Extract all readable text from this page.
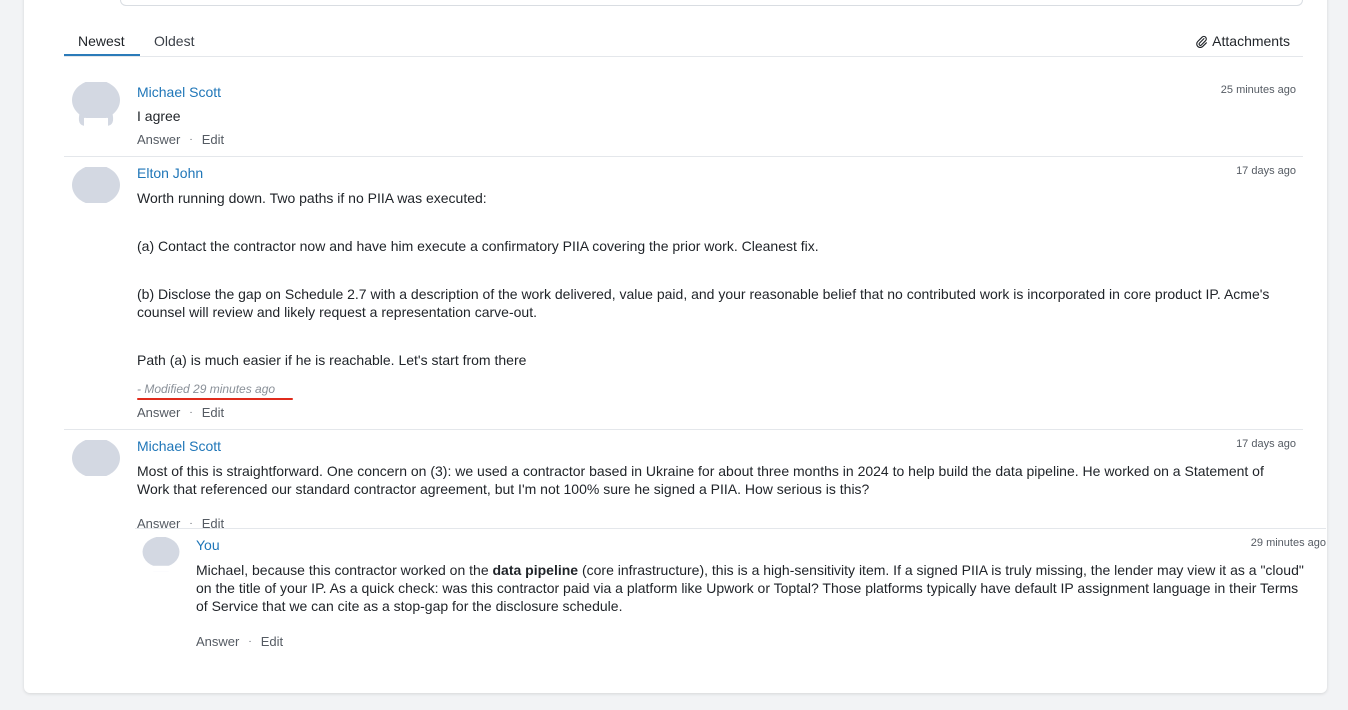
Newest Oldest	Attachments
Michael Scott	25 minutes ago
I agree
Answer · Edit
Elton John	17 days ago
Worth running down. Two paths if no PIIA was executed:
(a) Contact the contractor now and have him execute a confirmatory PIIA covering the prior work. Cleanest fix.
(b) Disclose the gap on Schedule 2.7 with a description of the work delivered, value paid, and your reasonable belief that no contributed work is incorporated in core product IP. Acme's counsel will review and likely request a representation carve-out.
Path (a) is much easier if he is reachable. Let's start from there
- Modified 29 minutes ago
Answer · Edit
Michael Scott	17 days ago
Most of this is straightforward. One concern on (3): we used a contractor based in Ukraine for about three months in 2024 to help build the data pipeline. He worked on a Statement of Work that referenced our standard contractor agreement, but I'm not 100% sure he signed a PIIA. How serious is this?
Answer · Edit
You	29 minutes ago
Michael, because this contractor worked on the data pipeline (core infrastructure), this is a high-sensitivity item. If a signed PIIA is truly missing, the lender may view it as a "cloud" on the title of your IP. As a quick check: was this contractor paid via a platform like Upwork or Toptal? Those platforms typically have default IP assignment language in their Terms of Service that we can cite as a stop-gap for the disclosure schedule.
Answer · Edit
